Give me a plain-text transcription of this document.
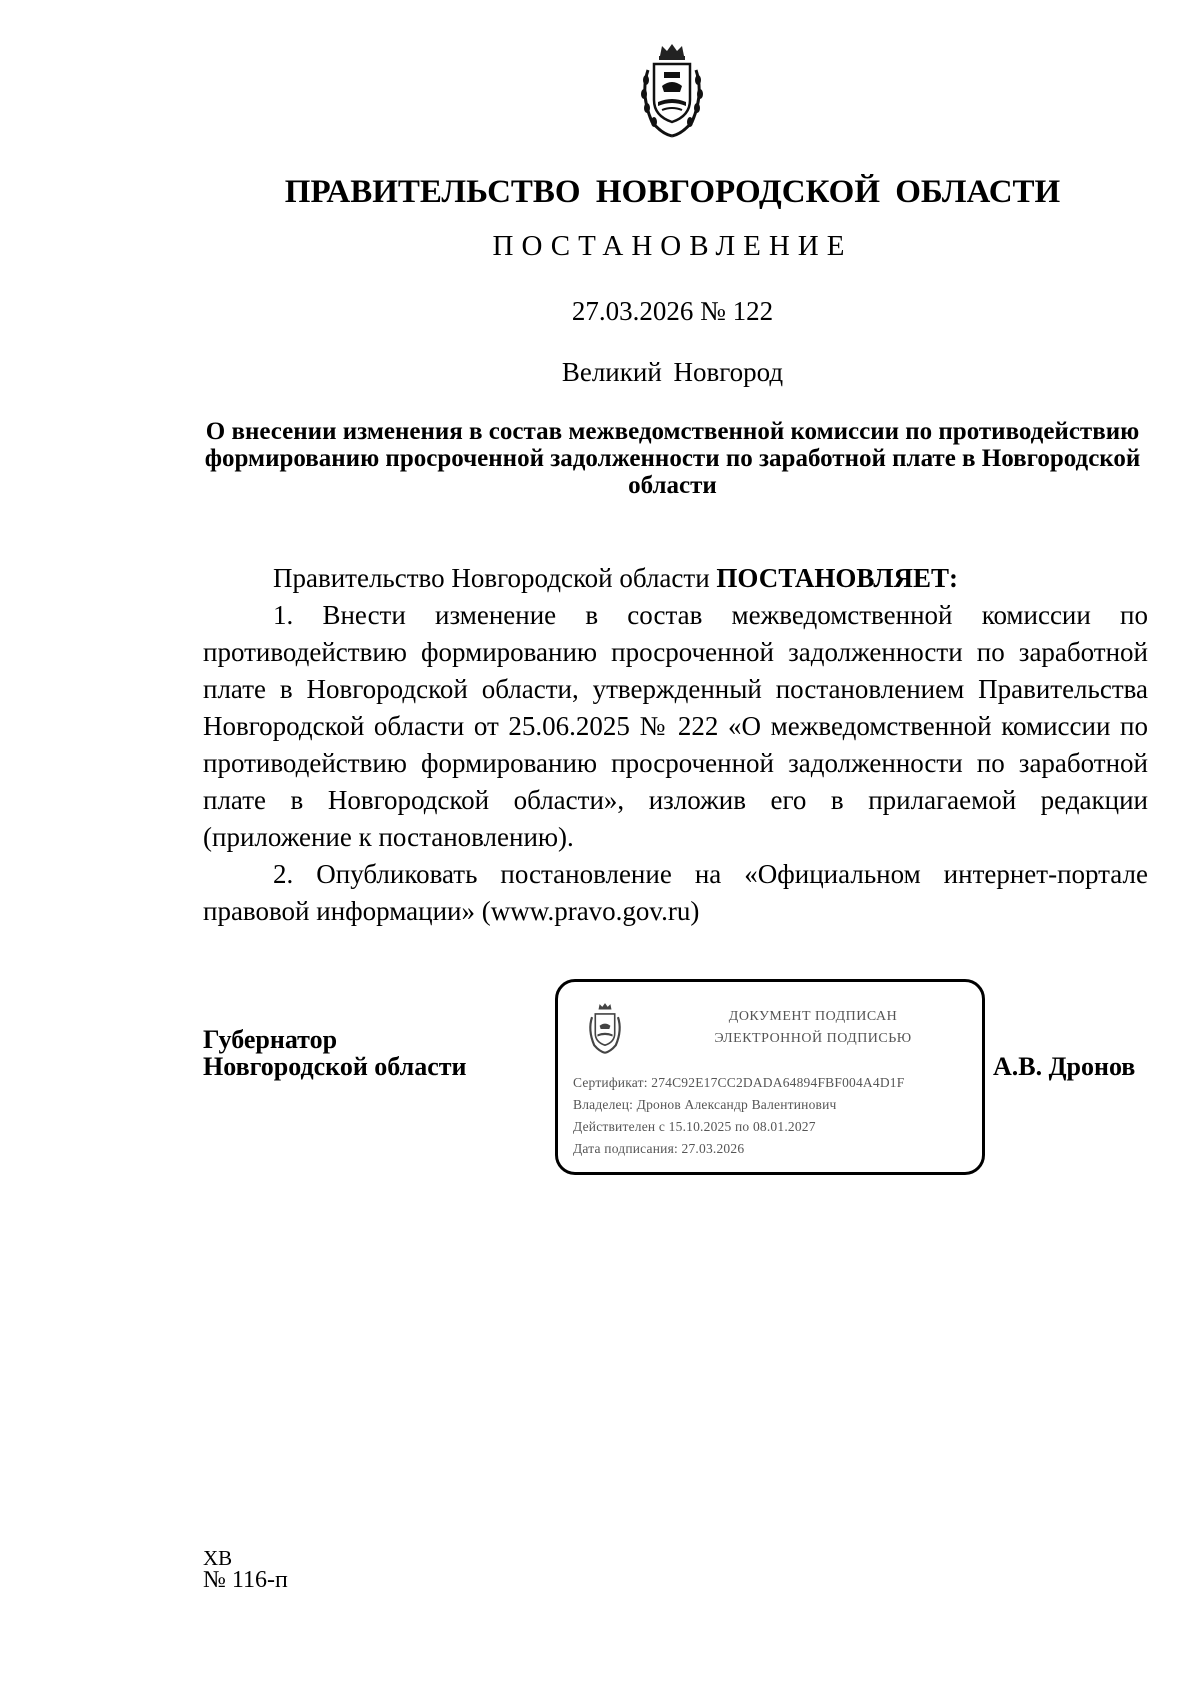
ПРАВИТЕЛЬСТВО НОВГОРОДСКОЙ ОБЛАСТИ
ПОСТАНОВЛЕНИЕ
27.03.2026 № 122
Великий Новгород
О внесении изменения в состав межведомственной комиссии по противодействию формированию просроченной задолженности по заработной плате в Новгородской области

Правительство Новгородской области ПОСТАНОВЛЯЕТ:

1. Внести изменение в состав межведомственной комиссии по противодействию формированию просроченной задолженности по заработной плате в Новгородской области, утвержденный постановлением Правительства Новгородской области от 25.06.2025 № 222 «О межведомственной комиссии по противодействию формированию просроченной задолженности по заработной плате в Новгородской области», изложив его в прилагаемой редакции (приложение к постановлению).

2. Опубликовать постановление на «Официальном интернет-портале правовой информации» (www.pravo.gov.ru)

Губернатор
Новгородской области
ДОКУМЕНТ ПОДПИСАН
ЭЛЕКТРОННОЙ ПОДПИСЬЮ
Сертификат: 274C92E17CC2DADA64894FBF004A4D1F
Владелец: Дронов Александр Валентинович
Действителен с 15.10.2025 по 08.01.2027
Дата подписания: 27.03.2026
А.В. Дронов
ХВ
№ 116-п
